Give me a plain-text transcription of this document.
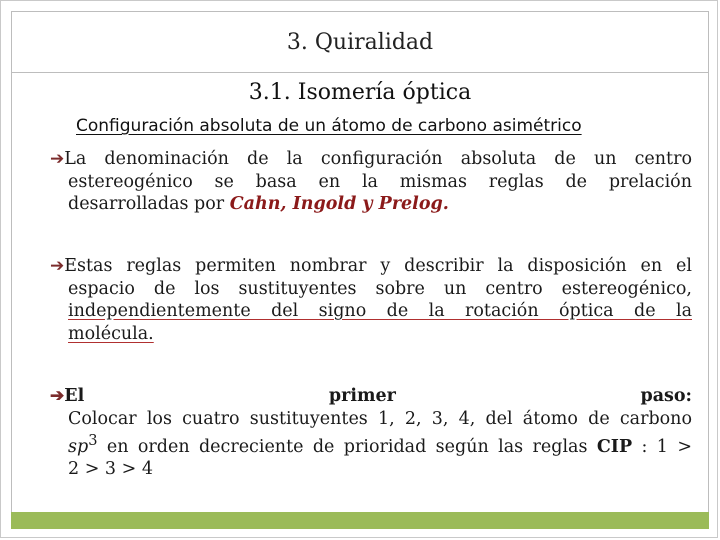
3. Quiralidad
3.1. Isomería óptica
Configuración absoluta de un átomo de carbono asimétrico
➔La denominación de la configuración absoluta de un centro
estereogénico se basa en la mismas reglas de prelación
desarrolladas por Cahn, Ingold y Prelog.
➔Estas reglas permiten nombrar y describir la disposición en el
espacio de los sustituyentes sobre un centro estereogénico,
independientemente del signo de la rotación óptica de la
molécula.
➔El	primer	paso:
Colocar los cuatro sustituyentes 1, 2, 3, 4, del átomo de carbono
$sp^3$ en orden decreciente de prioridad según las reglas CIP : 1 >
2 > 3 > 4
